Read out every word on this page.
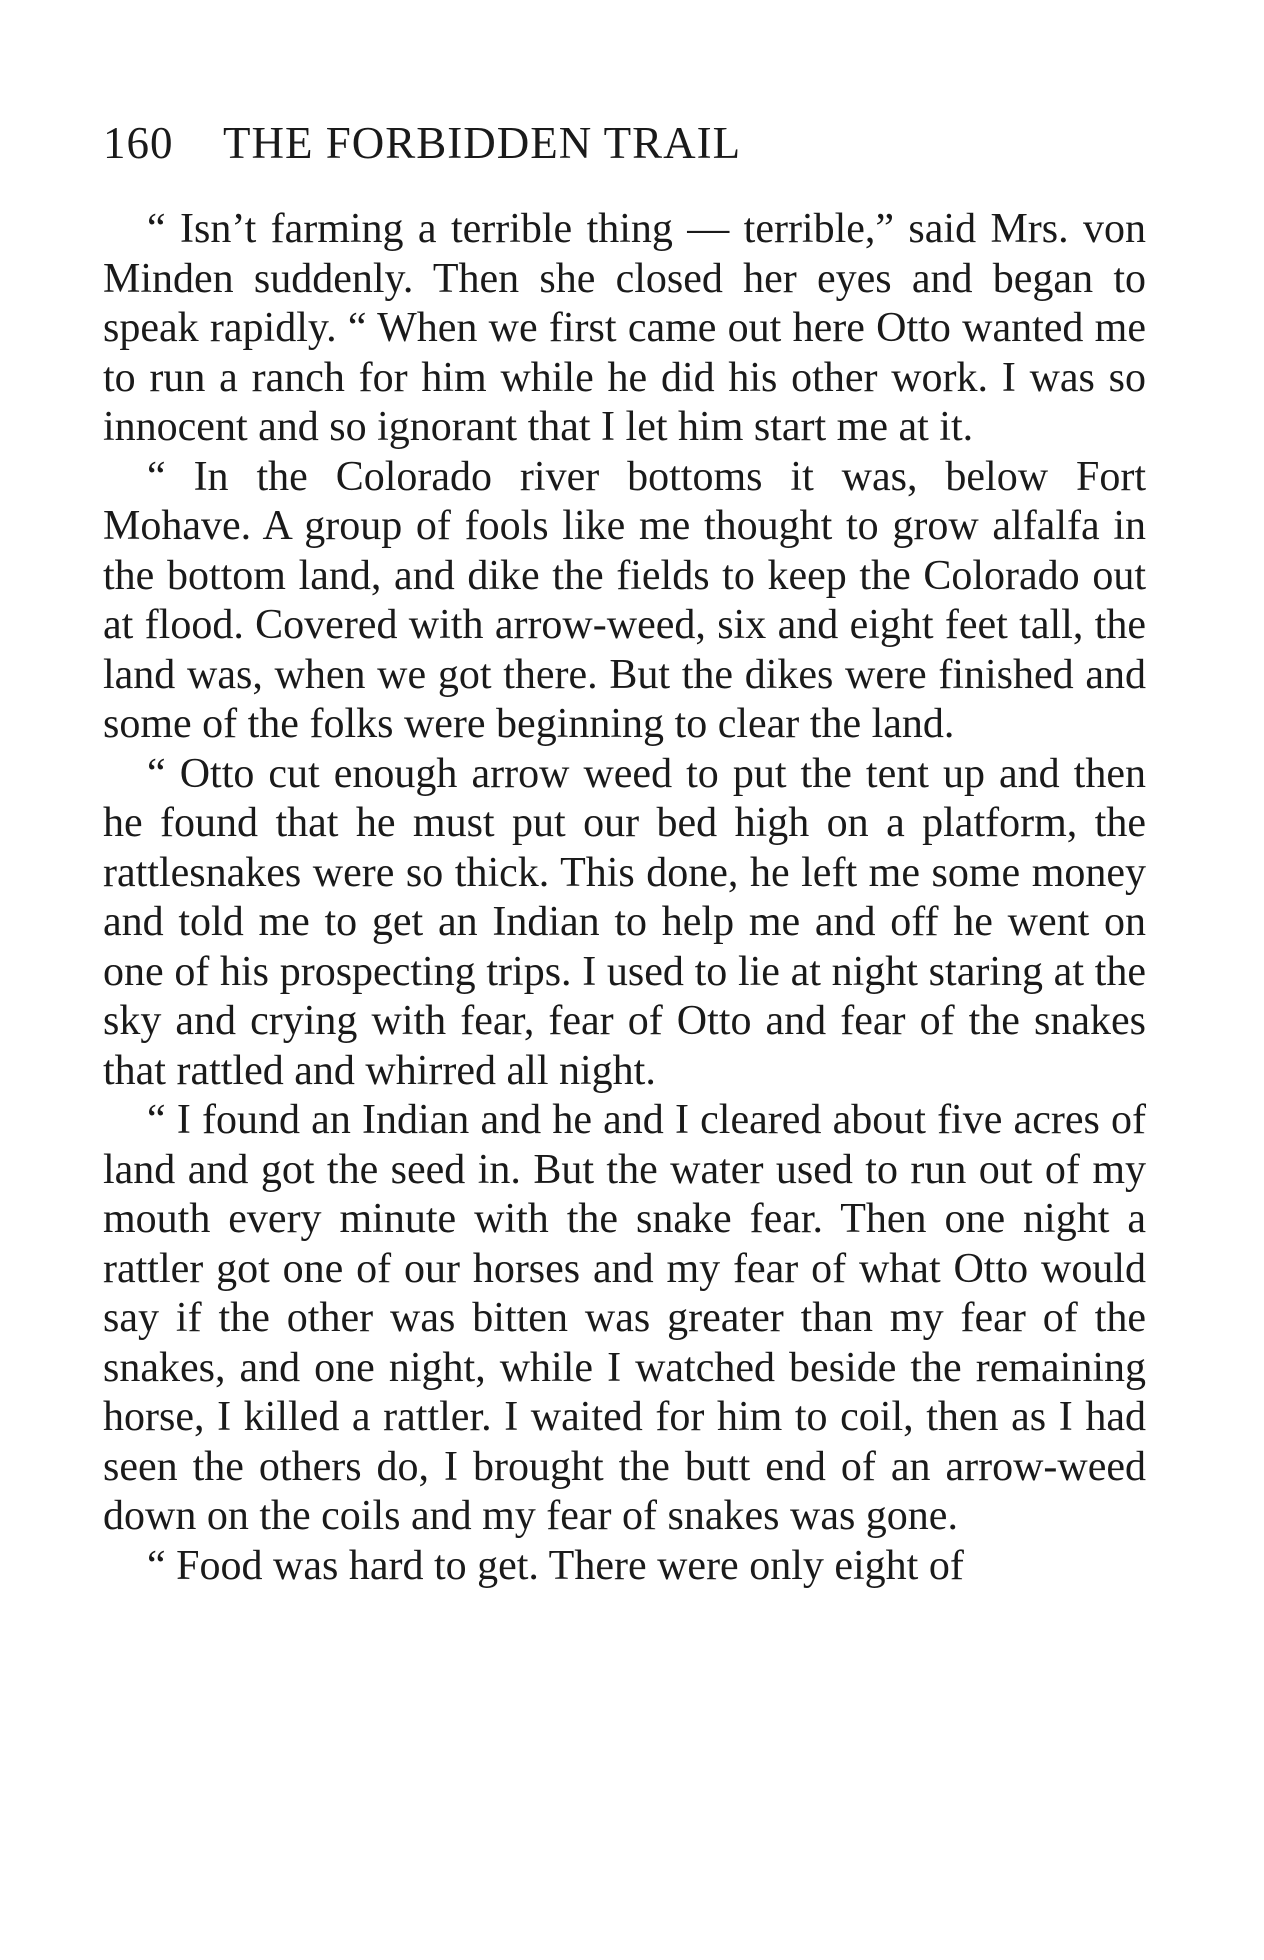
160 THE FORBIDDEN TRAIL

“ Isn’t farming a terrible thing — terrible,” said Mrs. von Minden suddenly. Then she closed her eyes and began to speak rapidly. “ When we first came out here Otto wanted me to run a ranch for him while he did his other work. I was so innocent and so ignorant that I let him start me at it.

“ In the Colorado river bottoms it was, below Fort Mohave. A group of fools like me thought to grow alfalfa in the bottom land, and dike the fields to keep the Colorado out at flood. Covered with arrow-weed, six and eight feet tall, the land was, when we got there. But the dikes were finished and some of the folks were beginning to clear the land.

“ Otto cut enough arrow weed to put the tent up and then he found that he must put our bed high on a platform, the rattlesnakes were so thick. This done, he left me some money and told me to get an Indian to help me and off he went on one of his prospecting trips. I used to lie at night staring at the sky and crying with fear, fear of Otto and fear of the snakes that rattled and whirred all night.

“ I found an Indian and he and I cleared about five acres of land and got the seed in. But the water used to run out of my mouth every minute with the snake fear. Then one night a rattler got one of our horses and my fear of what Otto would say if the other was bitten was greater than my fear of the snakes, and one night, while I watched beside the remaining horse, I killed a rattler. I waited for him to coil, then as I had seen the others do, I brought the butt end of an arrow-weed down on the coils and my fear of snakes was gone.

“ Food was hard to get. There were only eight of
